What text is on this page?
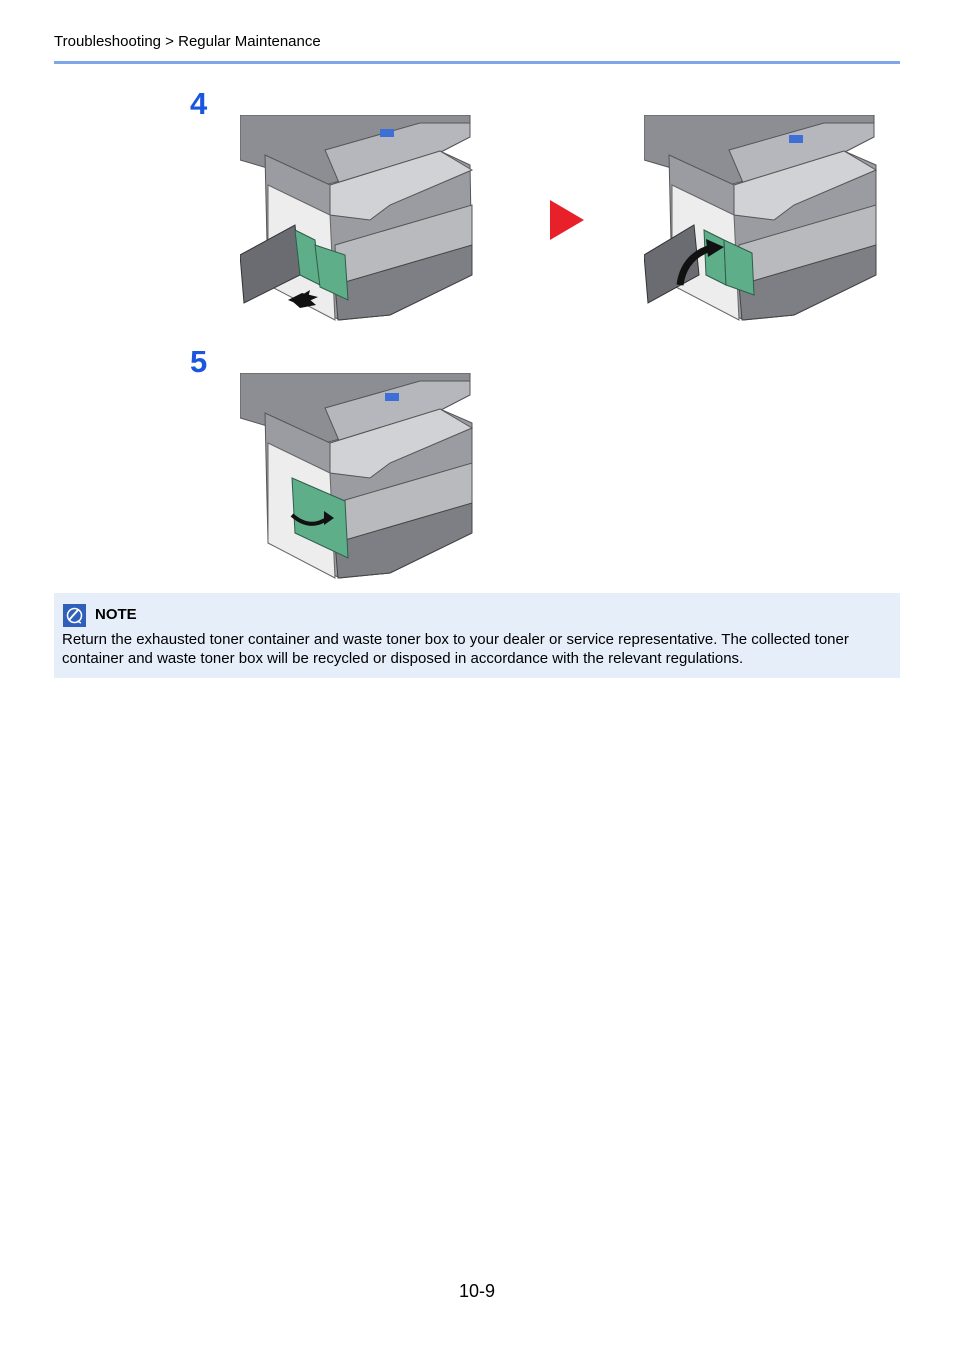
Troubleshooting > Regular Maintenance
4
5
NOTE
Return the exhausted toner container and waste toner box to your dealer or service representative. The collected toner container and waste toner box will be recycled or disposed in accordance with the relevant regulations.
10-9
